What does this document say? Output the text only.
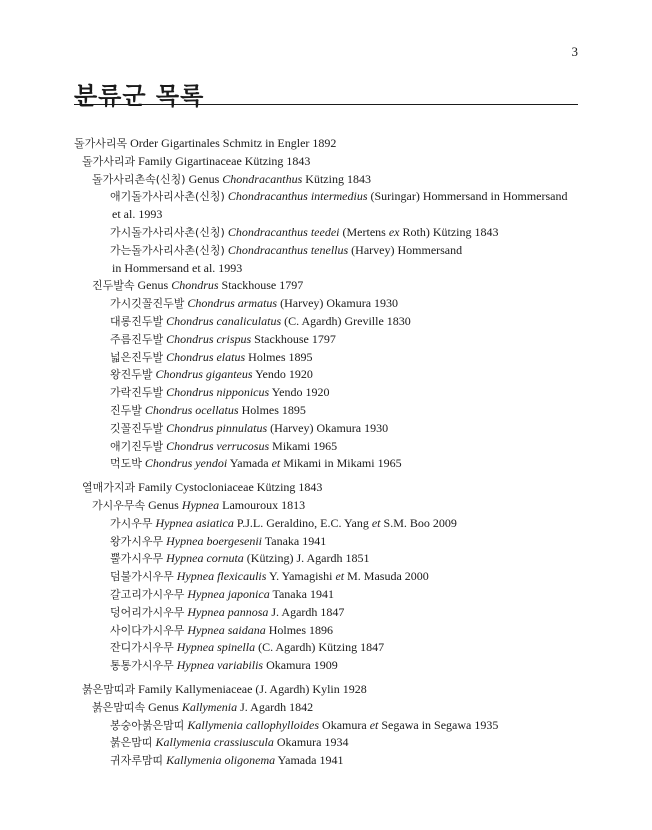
3
분류군 목록
돌가사리목 Order Gigartinales Schmitz in Engler 1892
돌가사리과 Family Gigartinaceae Kützing 1843
돌가사리촌속(신칭) Genus Chondracanthus Kützing 1843
애기돌가사리사촌(신칭) Chondracanthus intermedius (Suringar) Hommersand in Hommersand
et al. 1993
가시돌가사리사촌(신칭) Chondracanthus teedei (Mertens ex Roth) Kützing 1843
가는돌가사리사촌(신칭) Chondracanthus tenellus (Harvey) Hommersand
in Hommersand et al. 1993
진두발속 Genus Chondrus Stackhouse 1797
가시깃꼴진두발 Chondrus armatus (Harvey) Okamura 1930
대롱진두발 Chondrus canaliculatus (C. Agardh) Greville 1830
주름진두발 Chondrus crispus Stackhouse 1797
넓은진두발 Chondrus elatus Holmes 1895
왕진두발 Chondrus giganteus Yendo 1920
가락진두발 Chondrus nipponicus Yendo 1920
진두발 Chondrus ocellatus Holmes 1895
깃꼴진두발 Chondrus pinnulatus (Harvey) Okamura 1930
애기진두발 Chondrus verrucosus Mikami 1965
먹도박 Chondrus yendoi Yamada et Mikami in Mikami 1965
열매가지과 Family Cystocloniaceae Kützing 1843
가시우무속 Genus Hypnea Lamouroux 1813
가시우무 Hypnea asiatica P.J.L. Geraldino, E.C. Yang et S.M. Boo 2009
왕가시우무 Hypnea boergesenii Tanaka 1941
뿔가시우무 Hypnea cornuta (Kützing) J. Agardh 1851
덤불가시우무 Hypnea flexicaulis Y. Yamagishi et M. Masuda 2000
갈고리가시우무 Hypnea japonica Tanaka 1941
덩어리가시우무 Hypnea pannosa J. Agardh 1847
사이다가시우무 Hypnea saidana Holmes 1896
잔디가시우무 Hypnea spinella (C. Agardh) Kützing 1847
통통가시우무 Hypnea variabilis Okamura 1909
붉은맘띠과 Family Kallymeniaceae (J. Agardh) Kylin 1928
붉은맘띠속 Genus Kallymenia J. Agardh 1842
봉숭아붉은맘띠 Kallymenia callophylloides Okamura et Segawa in Segawa 1935
붉은맘띠 Kallymenia crassiuscula Okamura 1934
귀자루맘띠 Kallymenia oligonema Yamada 1941
